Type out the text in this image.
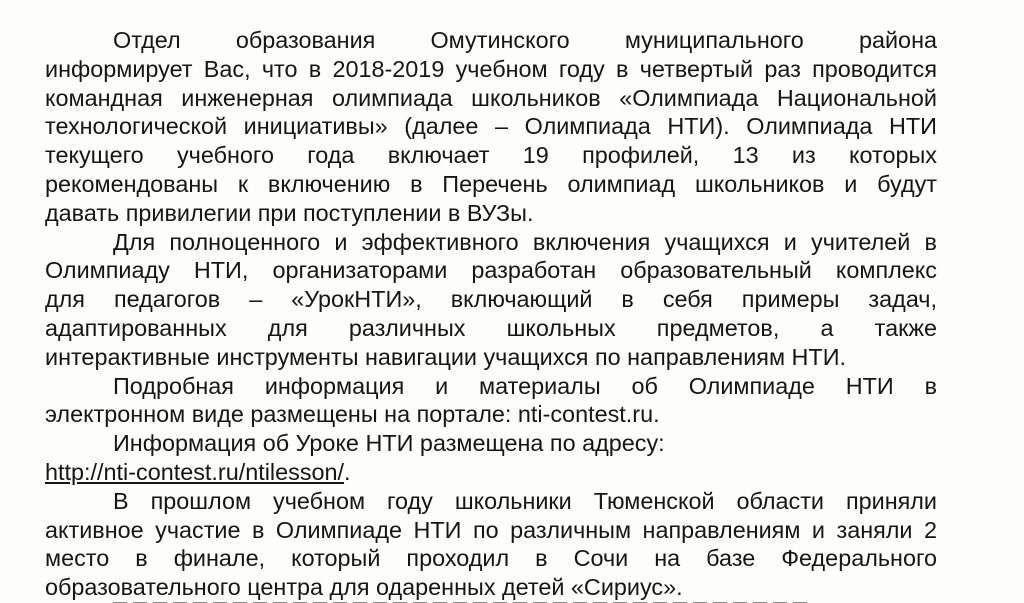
Отдел образования Омутинского муниципального района
информирует Вас, что в 2018-2019 учебном году в четвертый раз проводится
командная инженерная олимпиада школьников «Олимпиада Национальной
технологической инициативы» (далее – Олимпиада НТИ). Олимпиада НТИ
текущего учебного года включает 19 профилей, 13 из которых
рекомендованы к включению в Перечень олимпиад школьников и будут
давать привилегии при поступлении в ВУЗы.
Для полноценного и эффективного включения учащихся и учителей в
Олимпиаду НТИ, организаторами разработан образовательный комплекс
для педагогов – «УрокНТИ», включающий в себя примеры задач,
адаптированных для различных школьных предметов, а также
интерактивные инструменты навигации учащихся по направлениям НТИ.
Подробная информация и материалы об Олимпиаде НТИ в
электронном виде размещены на портале: nti-contest.ru.
Информация об Уроке НТИ размещена по адресу:
http://nti-contest.ru/ntilesson/.
В прошлом учебном году школьники Тюменской области приняли
активное участие в Олимпиаде НТИ по различным направлениям и заняли 2
место в финале, который проходил в Сочи на базе Федерального
образовательного центра для одаренных детей «Сириус».
